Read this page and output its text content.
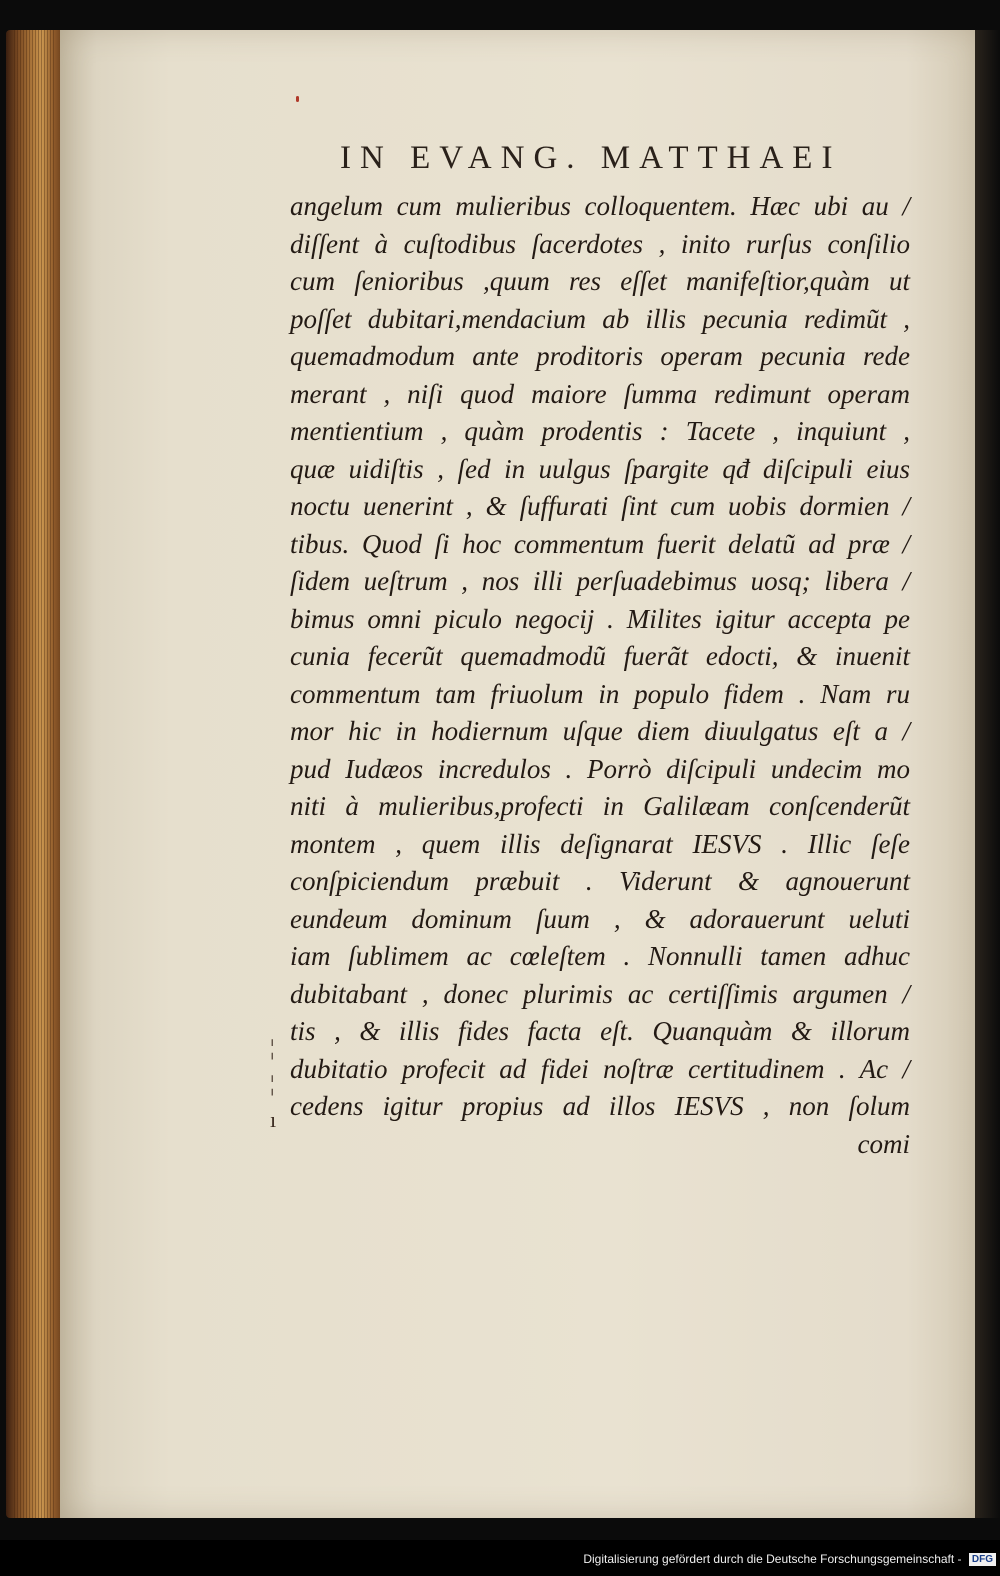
IN EVANG. MATTHAEI
angelum cum mulieribus colloquentem. Hæc ubi au /
diſſent à cuſtodibus ſacerdotes , inito rurſus conſilio
cum ſenioribus ,quum res eſſet manifeſtior,quàm ut
poſſet dubitari,mendacium ab illis pecunia redimũt ,
quemadmodum ante proditoris operam pecunia rede
merant , niſi quod maiore ſumma redimunt operam
mentientium , quàm prodentis : Tacete , inquiunt ,
quæ uidiſtis , ſed in uulgus ſpargite qđ diſcipuli eius
noctu uenerint , & ſuffurati ſint cum uobis dormien /
tibus. Quod ſi hoc commentum fuerit delatũ ad præ /
ſidem ueſtrum , nos illi perſuadebimus uosq; libera /
bimus omni piculo negocij . Milites igitur accepta pe
cunia fecerũt quemadmodũ fuerãt edocti, & inuenit
commentum tam friuolum in populo fidem . Nam ru
mor hic in hodiernum uſque diem diuulgatus eſt a /
pud Iudæos incredulos . Porrò diſcipuli undecim mo
niti à mulieribus,profecti in Galilæam conſcenderũt
montem , quem illis deſignarat IESVS . Illic ſeſe
conſpiciendum præbuit . Viderunt & agnouerunt
eundeum dominum ſuum , & adorauerunt ueluti
iam ſublimem ac cœleſtem . Nonnulli tamen adhuc
dubitabant , donec plurimis ac certiſſimis argumen /
tis , & illis fides facta eſt. Quanquàm & illorum
dubitatio profecit ad fidei noſtræ certitudinem . Ac /
cedens igitur propius ad illos IESVS , non ſolum
comi
¦ ¦ ı
Digitalisierung gefördert durch die Deutsche Forschungsgemeinschaft - DFG
